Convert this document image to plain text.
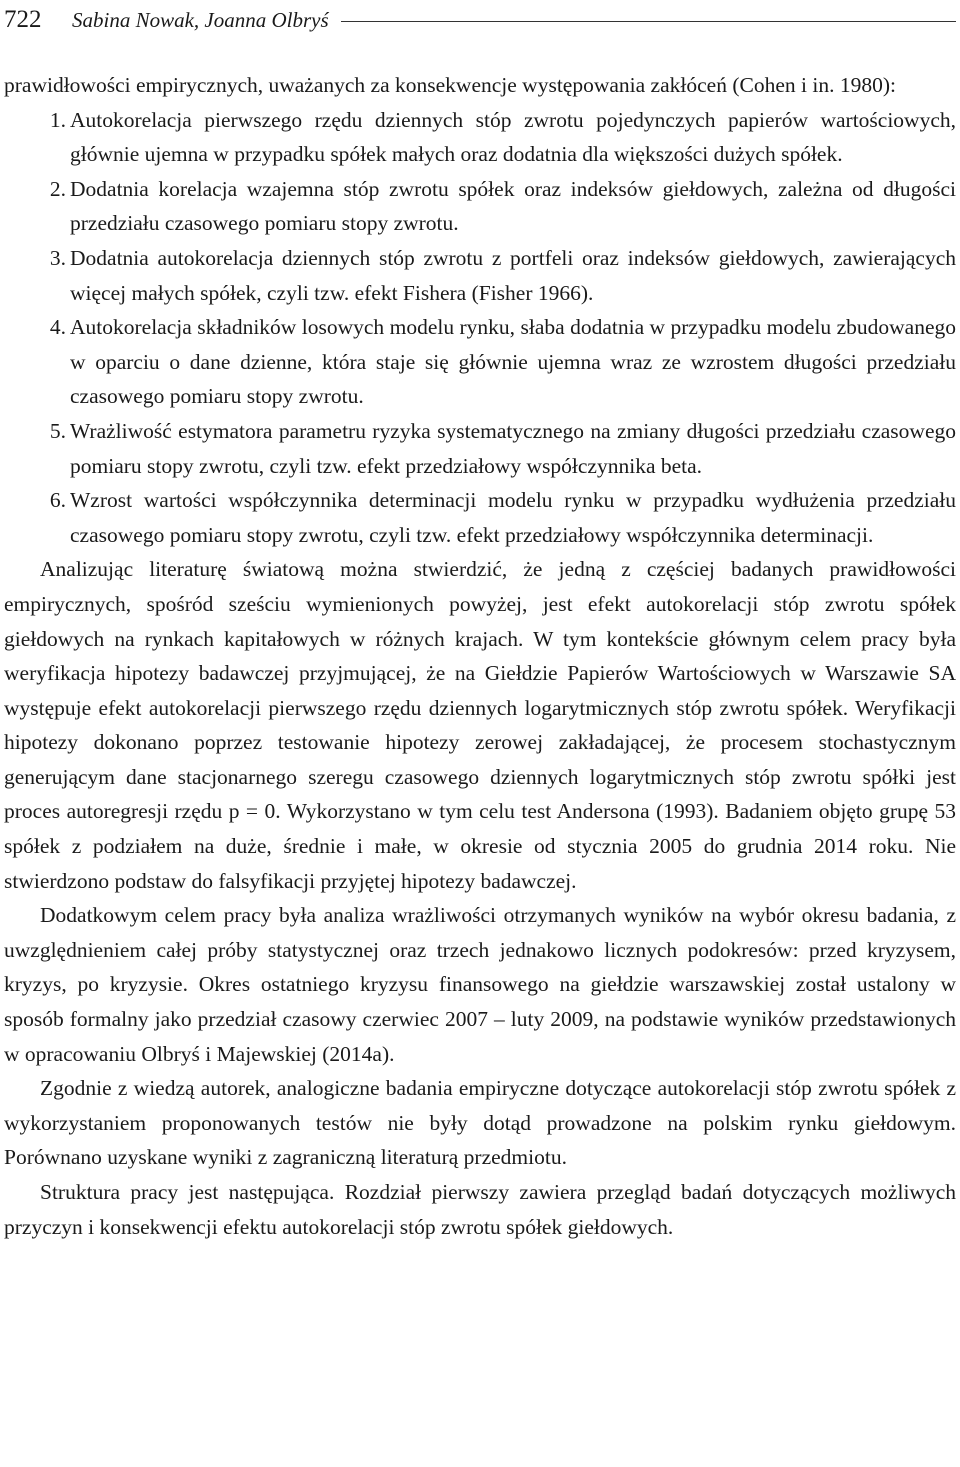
722	Sabina Nowak, Joanna Olbryś

prawidłowości empirycznych, uważanych za konsekwencje występowania zakłóceń (Cohen i in. 1980):

1. Autokorelacja pierwszego rzędu dziennych stóp zwrotu pojedynczych papierów wartościowych, głównie ujemna w przypadku spółek małych oraz dodatnia dla większości dużych spółek.
2. Dodatnia korelacja wzajemna stóp zwrotu spółek oraz indeksów giełdowych, zależna od długości przedziału czasowego pomiaru stopy zwrotu.
3. Dodatnia autokorelacja dziennych stóp zwrotu z portfeli oraz indeksów giełdowych, zawierających więcej małych spółek, czyli tzw. efekt Fishera (Fisher 1966).
4. Autokorelacja składników losowych modelu rynku, słaba dodatnia w przypadku modelu zbudowanego w oparciu o dane dzienne, która staje się głównie ujemna wraz ze wzrostem długości przedziału czasowego pomiaru stopy zwrotu.
5. Wrażliwość estymatora parametru ryzyka systematycznego na zmiany długości przedziału czasowego pomiaru stopy zwrotu, czyli tzw. efekt przedziałowy współczynnika beta.
6. Wzrost wartości współczynnika determinacji modelu rynku w przypadku wydłużenia przedziału czasowego pomiaru stopy zwrotu, czyli tzw. efekt przedziałowy współczynnika determinacji.

Analizując literaturę światową można stwierdzić, że jedną z częściej badanych prawidłowości empirycznych, spośród sześciu wymienionych powyżej, jest efekt autokorelacji stóp zwrotu spółek giełdowych na rynkach kapitałowych w różnych krajach. W tym kontekście głównym celem pracy była weryfikacja hipotezy badawczej przyjmującej, że na Giełdzie Papierów Wartościowych w Warszawie SA występuje efekt autokorelacji pierwszego rzędu dziennych logarytmicznych stóp zwrotu spółek. Weryfikacji hipotezy dokonano poprzez testowanie hipotezy zerowej zakładającej, że procesem stochastycznym generującym dane stacjonarnego szeregu czasowego dziennych logarytmicznych stóp zwrotu spółki jest proces autoregresji rzędu p = 0. Wykorzystano w tym celu test Andersona (1993). Badaniem objęto grupę 53 spółek z podziałem na duże, średnie i małe, w okresie od stycznia 2005 do grudnia 2014 roku. Nie stwierdzono podstaw do falsyfikacji przyjętej hipotezy badawczej.

Dodatkowym celem pracy była analiza wrażliwości otrzymanych wyników na wybór okresu badania, z uwzględnieniem całej próby statystycznej oraz trzech jednakowo licznych podokresów: przed kryzysem, kryzys, po kryzysie. Okres ostatniego kryzysu finansowego na giełdzie warszawskiej został ustalony w sposób formalny jako przedział czasowy czerwiec 2007 – luty 2009, na podstawie wyników przedstawionych w opracowaniu Olbryś i Majewskiej (2014a).

Zgodnie z wiedzą autorek, analogiczne badania empiryczne dotyczące autokorelacji stóp zwrotu spółek z wykorzystaniem proponowanych testów nie były dotąd prowadzone na polskim rynku giełdowym. Porównano uzyskane wyniki z zagraniczną literaturą przedmiotu.

Struktura pracy jest następująca. Rozdział pierwszy zawiera przegląd badań dotyczących możliwych przyczyn i konsekwencji efektu autokorelacji stóp zwrotu spółek giełdowych.
